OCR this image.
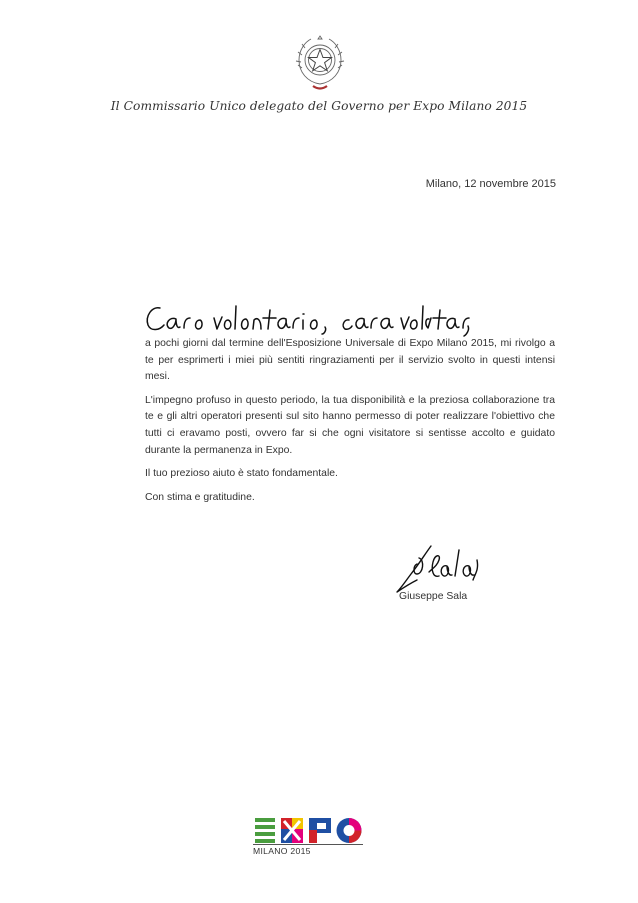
Il Commissario Unico delegato del Governo per Expo Milano 2015
Milano, 12 novembre 2015

a pochi giorni dal termine dell'Esposizione Universale di Expo Milano 2015, mi rivolgo a te per esprimerti i miei più sentiti ringraziamenti per il servizio svolto in questi intensi mesi.

L'impegno profuso in questo periodo, la tua disponibilità e la preziosa collaborazione tra te e gli altri operatori presenti sul sito hanno permesso di poter realizzare l'obiettivo che tutti ci eravamo posti, ovvero far si che ogni visitatore si sentisse accolto e guidato durante la permanenza in Expo.

Il tuo prezioso aiuto è stato fondamentale.

Con stima e gratitudine.

Giuseppe Sala
MILANO 2015
